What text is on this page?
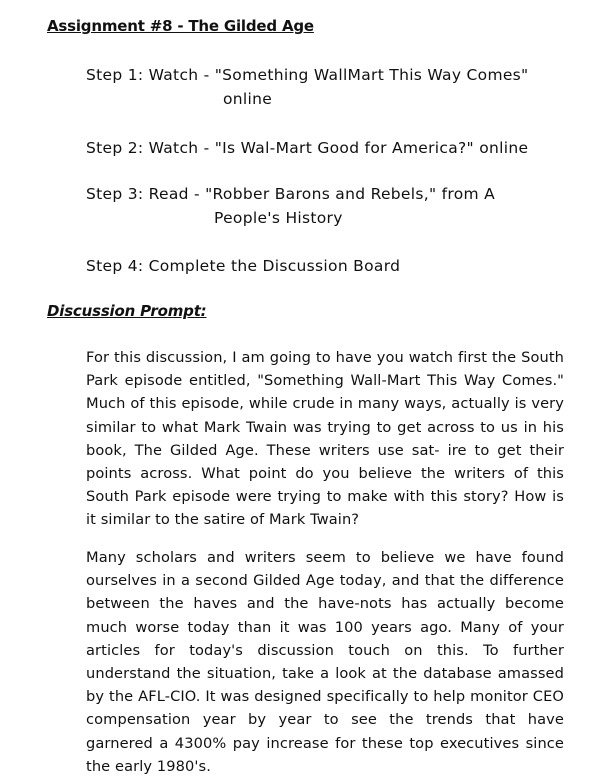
Assignment #8 - The Gilded Age
Step 1: Watch - "Something WallMart This Way Comes"
online
Step 2: Watch - "Is Wal-Mart Good for America?" online
Step 3: Read - "Robber Barons and Rebels," from A
People's History
Step 4: Complete the Discussion Board
Discussion Prompt:

For this discussion, I am going to have you watch first the South Park episode entitled, "Something Wall-Mart This Way Comes." Much of this episode, while crude in many ways, actually is very similar to what Mark Twain was trying to get across to us in his book, The Gilded Age. These writers use sat- ire to get their points across. What point do you believe the writers of this South Park episode were trying to make with this story? How is it similar to the satire of Mark Twain?

Many scholars and writers seem to believe we have found ourselves in a second Gilded Age today, and that the difference between the haves and the have-nots has actually become much worse today than it was 100 years ago. Many of your articles for today's discussion touch on this. To further understand the situation, take a look at the database amassed by the AFL-CIO. It was designed specifically to help monitor CEO compensation year by year to see the trends that have garnered a 4300% pay increase for these top executives since the early 1980's.
